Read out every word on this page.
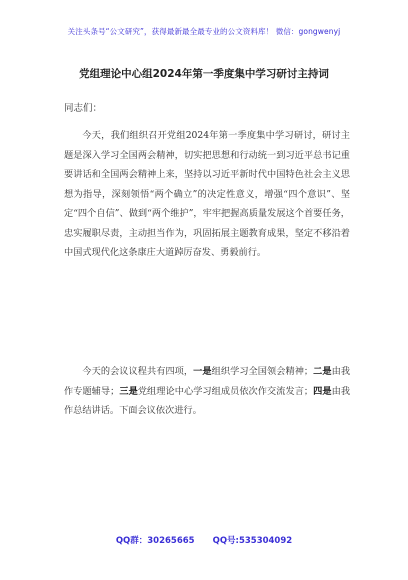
关注头条号“公文研究”，获得最新最全最专业的公文资料库！ 微信：gongwenyj
党组理论中心组2024年第一季度集中学习研讨主持词
同志们：
今天，我们组织召开党组2024年第一季度集中学习研讨，研讨主题是深入学习全国两会精神，切实把思想和行动统一到习近平总书记重要讲话和全国两会精神上来，坚持以习近平新时代中国特色社会主义思想为指导，深刻领悟“两个确立”的决定性意义，增强“四个意识”、坚定“四个自信”、做到“两个维护”，牢牢把握高质量发展这个首要任务，忠实履职尽责，主动担当作为，巩固拓展主题教育成果，坚定不移沿着中国式现代化这条康庄大道踔厉奋发、勇毅前行。
今天的会议议程共有四项，一是组织学习全国领会精神；二是由我作专题辅导；三是党组理论中心学习组成员依次作交流发言；四是由我作总结讲话。下面会议依次进行。
QQ群：30265665 QQ号:535304092
